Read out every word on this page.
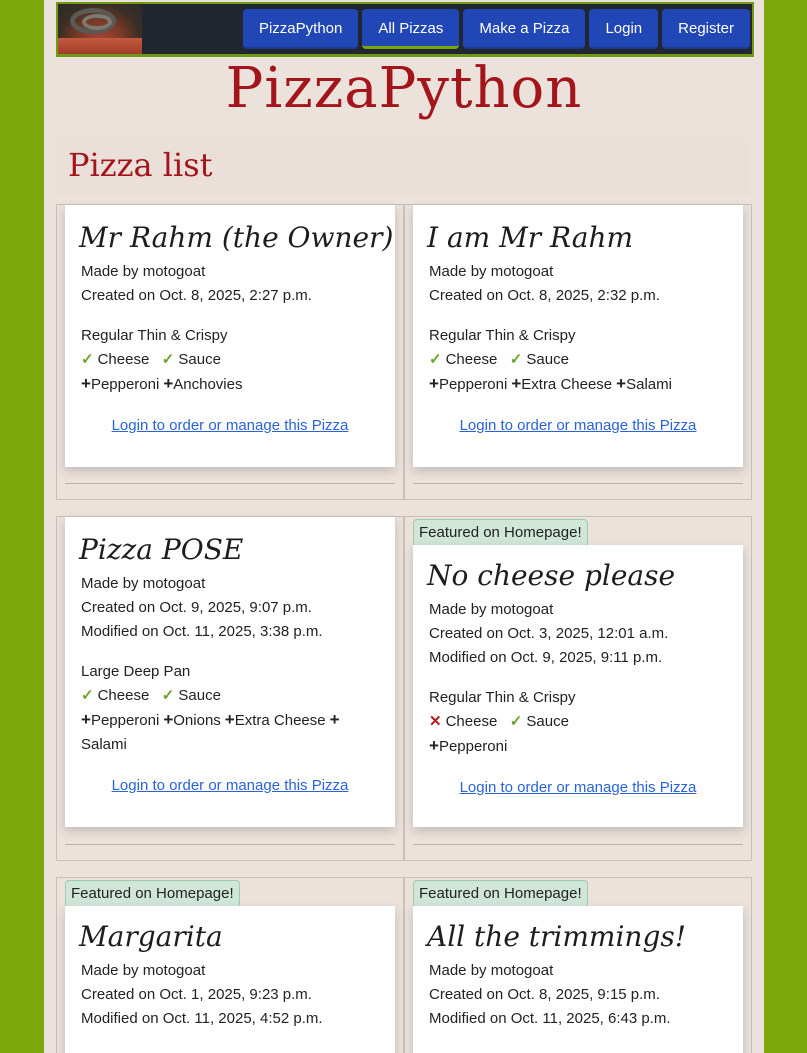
PizzaPython	All Pizzas	Make a Pizza	Login	Register
PizzaPython
Pizza list
Mr Rahm (the Owner)
Made by motogoat
Created on Oct. 8, 2025, 2:27 p.m.
Regular Thin & Crispy
✓ Cheese ✓ Sauce
+Pepperoni +Anchovies
Login to order or manage this Pizza
I am Mr Rahm
Made by motogoat
Created on Oct. 8, 2025, 2:32 p.m.
Regular Thin & Crispy
✓ Cheese ✓ Sauce
+Pepperoni +Extra Cheese +Salami
Login to order or manage this Pizza
Pizza POSE
Made by motogoat
Created on Oct. 9, 2025, 9:07 p.m.
Modified on Oct. 11, 2025, 3:38 p.m.
Large Deep Pan
✓ Cheese ✓ Sauce
+Pepperoni +Onions +Extra Cheese +
Salami
Login to order or manage this Pizza
Featured on Homepage!
No cheese please
Made by motogoat
Created on Oct. 3, 2025, 12:01 a.m.
Modified on Oct. 9, 2025, 9:11 p.m.
Regular Thin & Crispy
✕ Cheese ✓ Sauce
+Pepperoni
Login to order or manage this Pizza
Featured on Homepage!
Margarita
Made by motogoat
Created on Oct. 1, 2025, 9:23 p.m.
Modified on Oct. 11, 2025, 4:52 p.m.
Featured on Homepage!
All the trimmings!
Made by motogoat
Created on Oct. 8, 2025, 9:15 p.m.
Modified on Oct. 11, 2025, 6:43 p.m.
